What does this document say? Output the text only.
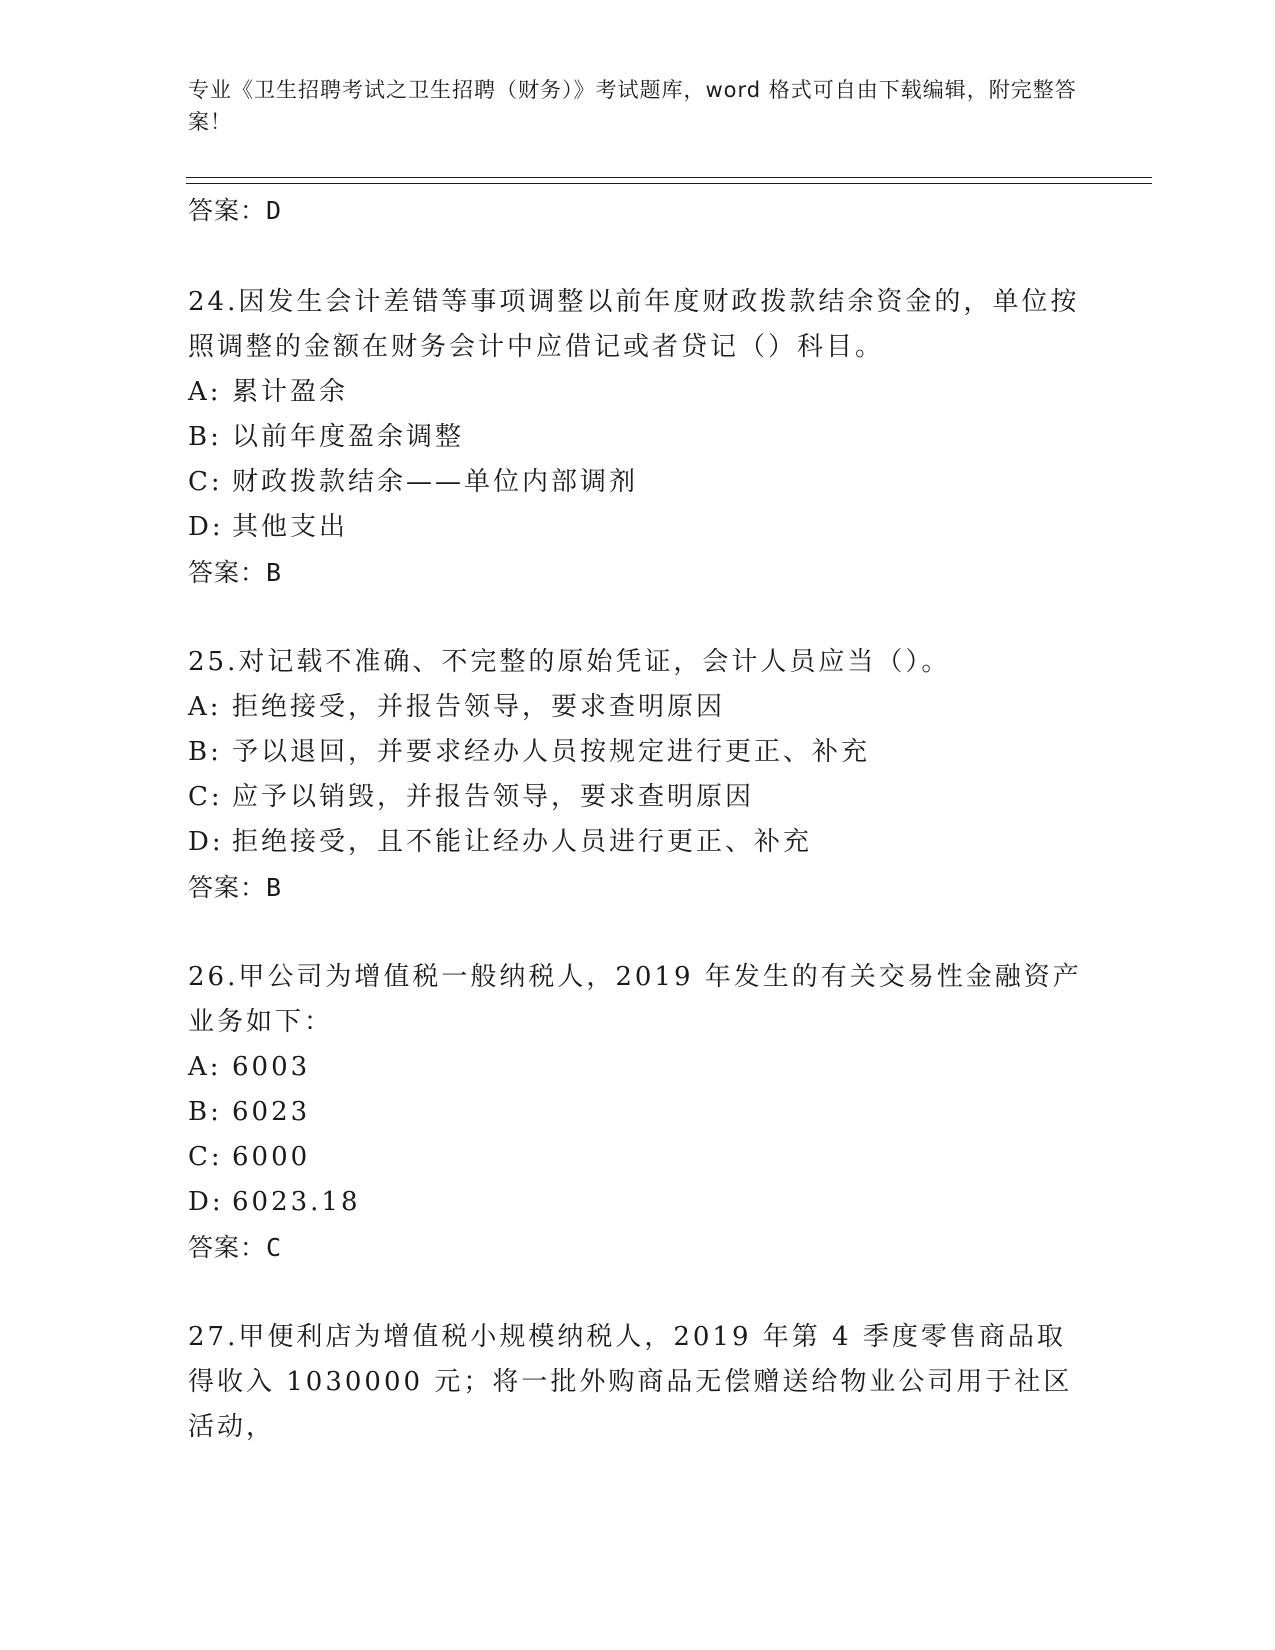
专业《卫生招聘考试之卫生招聘（财务）》考试题库，word 格式可自由下载编辑，附完整答案！
答案：D
24.因发生会计差错等事项调整以前年度财政拨款结余资金的，单位按照调整的金额在财务会计中应借记或者贷记（）科目。
A: 累计盈余
B: 以前年度盈余调整
C: 财政拨款结余——单位内部调剂
D: 其他支出
答案：B
25.对记载不准确、不完整的原始凭证，会计人员应当（）。
A: 拒绝接受，并报告领导，要求查明原因
B: 予以退回，并要求经办人员按规定进行更正、补充
C: 应予以销毁，并报告领导，要求查明原因
D: 拒绝接受，且不能让经办人员进行更正、补充
答案：B
26.甲公司为增值税一般纳税人，2019 年发生的有关交易性金融资产业务如下：
A: 6003
B: 6023
C: 6000
D: 6023.18
答案：C
27.甲便利店为增值税小规模纳税人，2019 年第 4 季度零售商品取得收入 1030000 元；将一批外购商品无偿赠送给物业公司用于社区活动，
